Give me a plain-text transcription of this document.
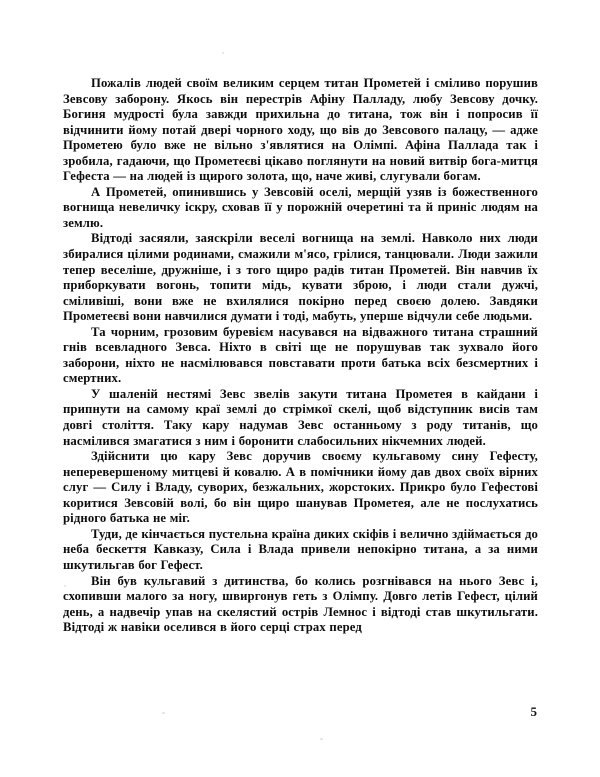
Пожалів людей своїм великим серцем титан Прометей і сміливо порушив Зевсову заборону. Якось він перестрів Афіну Палладу, любу Зевсову дочку. Богиня мудрості була завжди прихильна до титана, тож він і попросив її відчинити йому потай двері чорного ходу, що вів до Зевсового палацу, — адже Прометею було вже не вільно з'являтися на Олімпі. Афіна Паллада так і зробила, гадаючи, що Прометеєві цікаво поглянути на новий витвір бога-митця Гефеста — на людей із щирого золота, що, наче живі, слугували богам.

А Прометей, опинившись у Зевсовій оселі, мерщій узяв із божественного вогнища невеличку іскру, сховав її у порожній очеретині та й приніс людям на землю.

Відтоді засяяли, заяскріли веселі вогнища на землі. Навколо них люди збиралися цілими родинами, смажили м'ясо, грілися, танцювали. Люди зажили тепер веселіше, дружніше, і з того щиро радів титан Прометей. Він навчив їх приборкувати вогонь, топити мідь, кувати зброю, і люди стали дужчі, сміливіші, вони вже не вхилялися покірно перед своєю долею. Завдяки Прометеєві вони навчилися думати і тоді, мабуть, уперше відчули себе людьми.

Та чорним, грозовим буревієм насувався на відважного титана страшний гнів всевладного Зевса. Ніхто в світі ще не порушував так зухвало його заборони, ніхто не насмілювався повставати проти батька всіх безсмертних і смертних.

У шаленій нестямі Зевс звелів закути титана Прометея в кайдани і припнути на самому краї землі до стрімкої скелі, щоб відступник висів там довгі століття. Таку кару надумав Зевс останньому з роду титанів, що насмілився змагатися з ним і боронити слабосильних нікчемних людей.

Здійснити цю кару Зевс доручив своєму кульгавому сину Гефесту, неперевершеному митцеві й ковалю. А в помічники йому дав двох своїх вірних слуг — Силу і Владу, суворих, безжальних, жорстоких. Прикро було Гефестові коритися Зевсовій волі, бо він щиро шанував Прометея, але не послухатись рідного батька не міг.

Туди, де кінчається пустельна країна диких скіфів і велично здіймається до неба бескеття Кавказу, Сила і Влада привели непокірно титана, а за ними шкутильгав бог Гефест.

Він був кульгавий з дитинства, бо колись розгнівався на нього Зевс і, схопивши малого за ногу, швиргонув геть з Олімпу. Довго летів Гефест, цілий день, а надвечір упав на скелястий острів Лемнос і відтоді став шкутильгати. Відтоді ж навіки оселився в його серці страх перед

5
